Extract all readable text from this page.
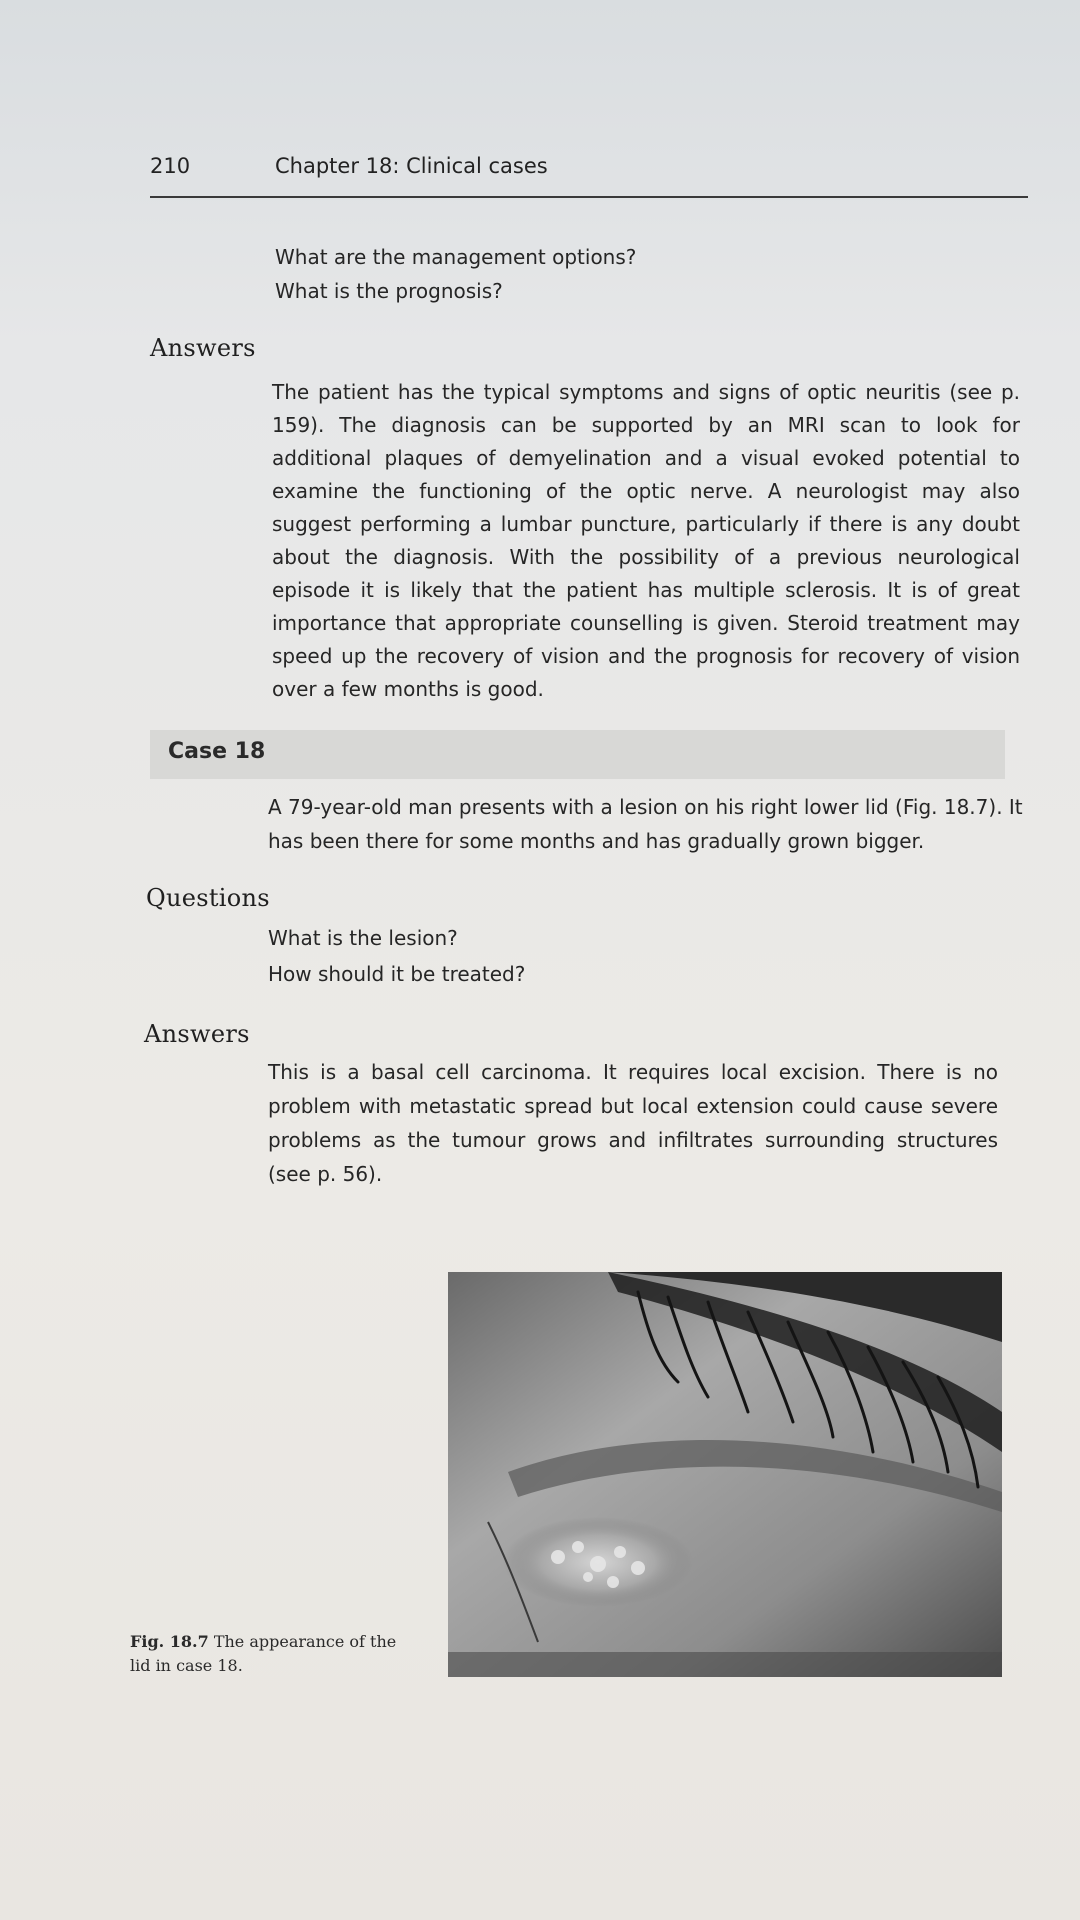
210	Chapter 18: Clinical cases
What are the management options?
What is the prognosis?
Answers
The patient has the typical symptoms and signs of optic neuritis (see p. 159). The diagnosis can be supported by an MRI scan to look for additional plaques of demyelination and a visual evoked potential to examine the functioning of the optic nerve. A neurologist may also suggest performing a lumbar puncture, particularly if there is any doubt about the diagnosis. With the possibility of a previous neurological episode it is likely that the patient has multiple sclerosis. It is of great importance that appropriate counselling is given. Steroid treatment may speed up the recovery of vision and the prognosis for recovery of vision over a few months is good.
Case 18
A 79-year-old man presents with a lesion on his right lower lid (Fig. 18.7). It has been there for some months and has gradually grown bigger.
Questions
What is the lesion?
How should it be treated?
Answers
This is a basal cell carcinoma. It requires local excision. There is no problem with metastatic spread but local extension could cause severe problems as the tumour grows and infiltrates surrounding structures (see p. 56).
Fig. 18.7 The appearance of the lid in case 18.
